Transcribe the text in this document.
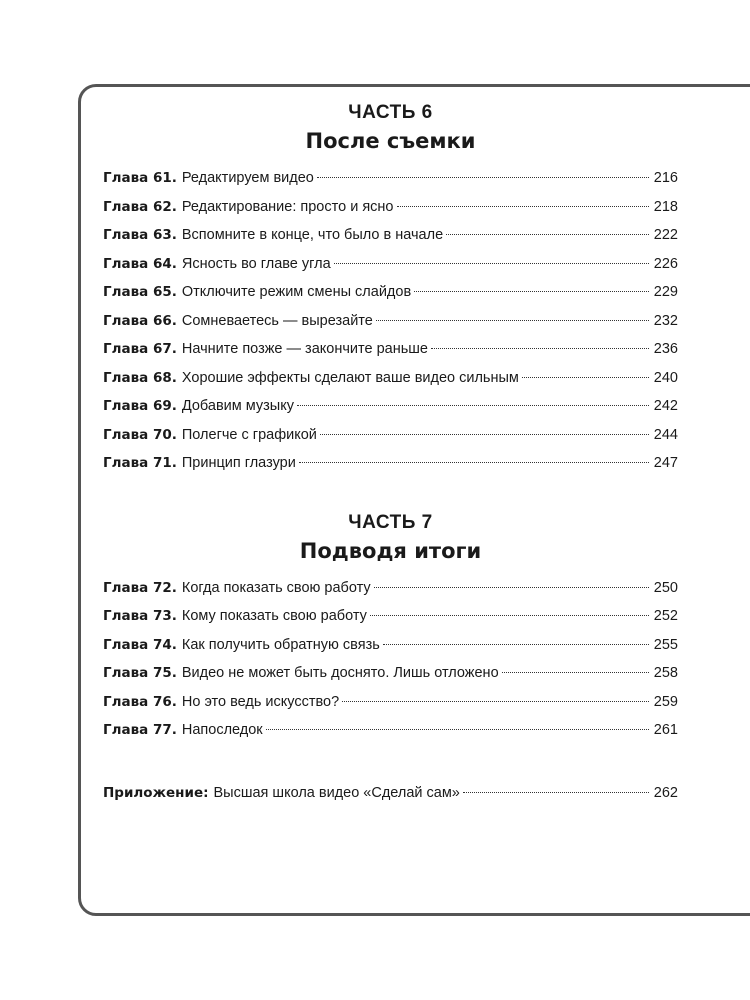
ЧАСТЬ 6
После съемки
Глава 61. Редактируем видео	216
Глава 62. Редактирование: просто и ясно	218
Глава 63. Вспомните в конце, что было в начале	222
Глава 64. Ясность во главе угла	226
Глава 65. Отключите режим смены слайдов	229
Глава 66. Сомневаетесь — вырезайте	232
Глава 67. Начните позже — закончите раньше	236
Глава 68. Хорошие эффекты сделают ваше видео сильным	240
Глава 69. Добавим музыку	242
Глава 70. Полегче с графикой	244
Глава 71. Принцип глазури	247
ЧАСТЬ 7
Подводя итоги
Глава 72. Когда показать свою работу	250
Глава 73. Кому показать свою работу	252
Глава 74. Как получить обратную связь	255
Глава 75. Видео не может быть доснято. Лишь отложено	258
Глава 76. Но это ведь искусство?	259
Глава 77. Напоследок	261
Приложение: Высшая школа видео «Сделай сам»	262
